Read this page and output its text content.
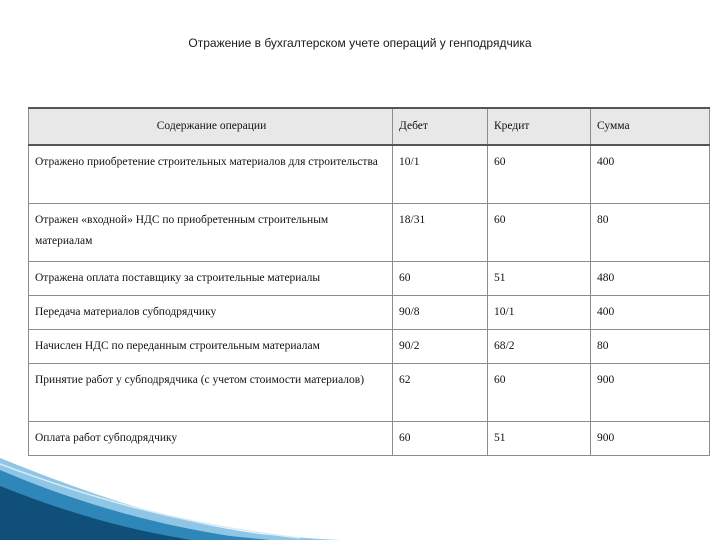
Отражение в бухгалтерском учете операций у генподрядчика
Содержание операции	Дебет	Кредит	Сумма
Отражено приобретение строительных материалов для строительства	10/1	60	400
Отражен «входной» НДС по приобретенным строительным материалам	18/31	60	80
Отражена оплата поставщику за строительные материалы	60	51	480
Передача материалов субподрядчику	90/8	10/1	400
Начислен НДС по переданным строительным материалам	90/2	68/2	80
Принятие работ у субподрядчика (с учетом стоимости материалов)	62	60	900
Оплата работ субподрядчику	60	51	900
